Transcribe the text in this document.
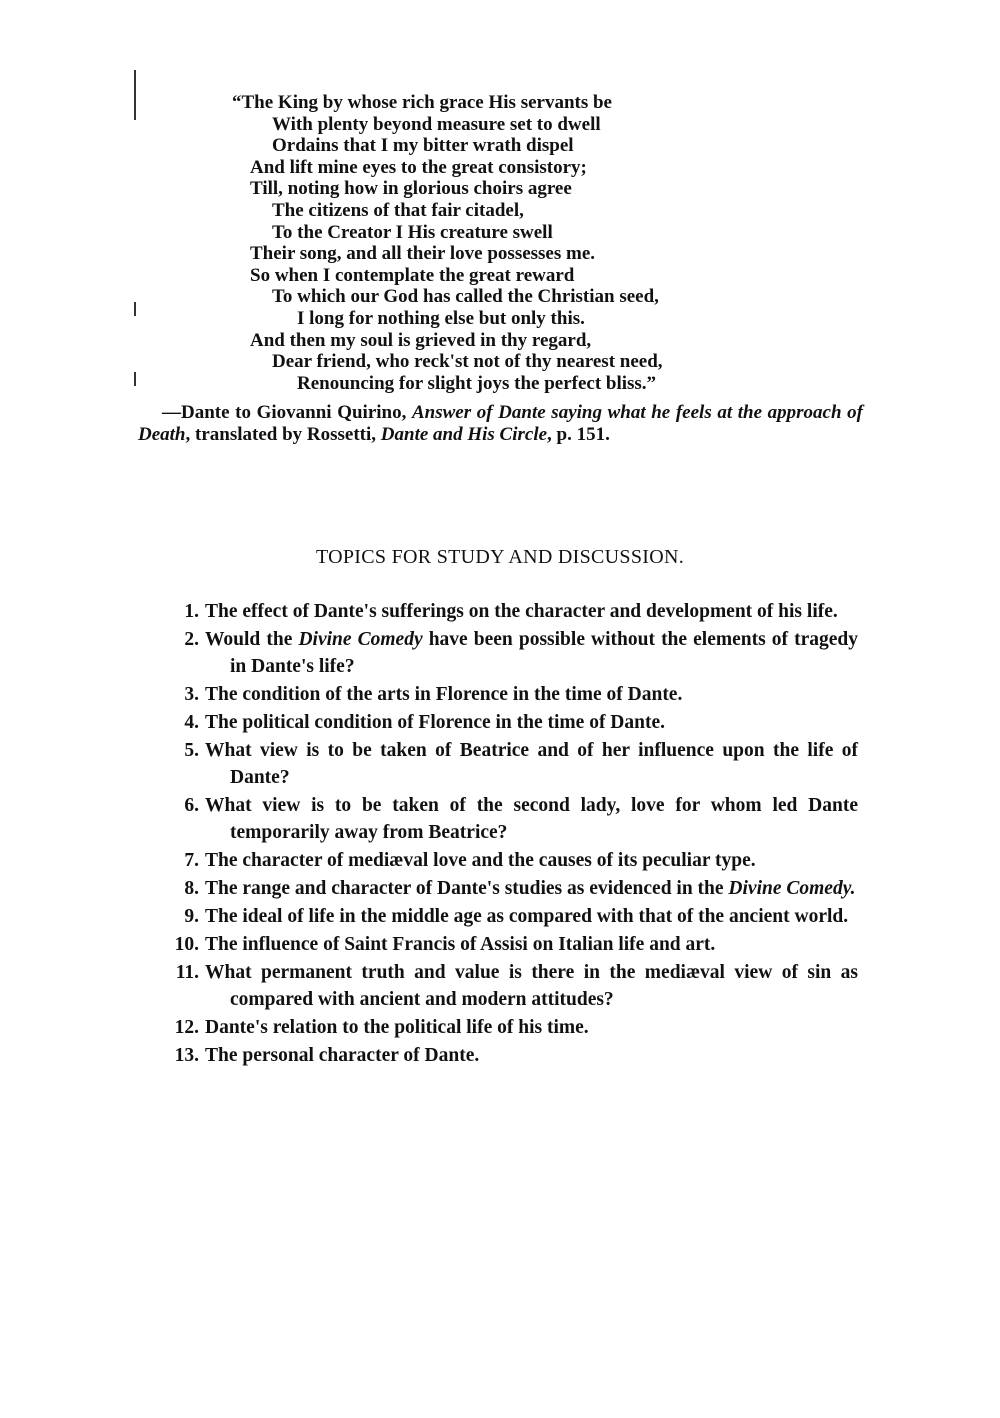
“The King by whose rich grace His servants be
With plenty beyond measure set to dwell
Ordains that I my bitter wrath dispel
And lift mine eyes to the great consistory;
Till, noting how in glorious choirs agree
The citizens of that fair citadel,
To the Creator I His creature swell
Their song, and all their love possesses me.
So when I contemplate the great reward
To which our God has called the Christian seed,
I long for nothing else but only this.
And then my soul is grieved in thy regard,
Dear friend, who reck'st not of thy nearest need,
Renouncing for slight joys the perfect bliss.”
—Dante to Giovanni Quirino, Answer of Dante saying what he feels at the approach of Death, translated by Rossetti, Dante and His Circle, p. 151.
TOPICS FOR STUDY AND DISCUSSION.
1. The effect of Dante's sufferings on the character and development of his life.
2. Would the Divine Comedy have been possible without the elements of tragedy in Dante's life?
3. The condition of the arts in Florence in the time of Dante.
4. The political condition of Florence in the time of Dante.
5. What view is to be taken of Beatrice and of her influence upon the life of Dante?
6. What view is to be taken of the second lady, love for whom led Dante temporarily away from Beatrice?
7. The character of mediæval love and the causes of its peculiar type.
8. The range and character of Dante's studies as evidenced in the Divine Comedy.
9. The ideal of life in the middle age as compared with that of the ancient world.
10. The influence of Saint Francis of Assisi on Italian life and art.
11. What permanent truth and value is there in the mediæval view of sin as compared with ancient and modern attitudes?
12. Dante's relation to the political life of his time.
13. The personal character of Dante.
